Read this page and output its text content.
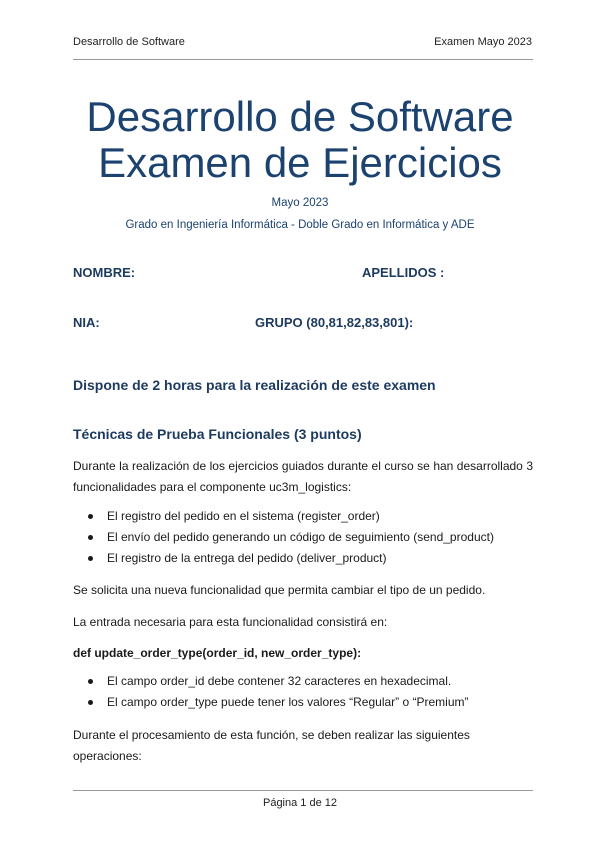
Desarrollo de Software	Examen Mayo 2023
Desarrollo de Software
Examen de Ejercicios
Mayo 2023
Grado en Ingeniería Informática - Doble Grado en Informática y ADE
NOMBRE:	APELLIDOS :
NIA:	GRUPO (80,81,82,83,801):
Dispone de 2 horas para la realización de este examen
Técnicas de Prueba Funcionales (3 puntos)
Durante la realización de los ejercicios guiados durante el curso se han desarrollado 3 funcionalidades para el componente uc3m_logistics:
El registro del pedido en el sistema (register_order)
El envío del pedido generando un código de seguimiento (send_product)
El registro de la entrega del pedido (deliver_product)
Se solicita una nueva funcionalidad que permita cambiar el tipo de un pedido.
La entrada necesaria para esta funcionalidad consistirá en:
def update_order_type(order_id, new_order_type):
El campo order_id debe contener 32 caracteres en hexadecimal.
El campo order_type puede tener los valores “Regular” o “Premium”
Durante el procesamiento de esta función, se deben realizar las siguientes operaciones:
Página 1 de 12
